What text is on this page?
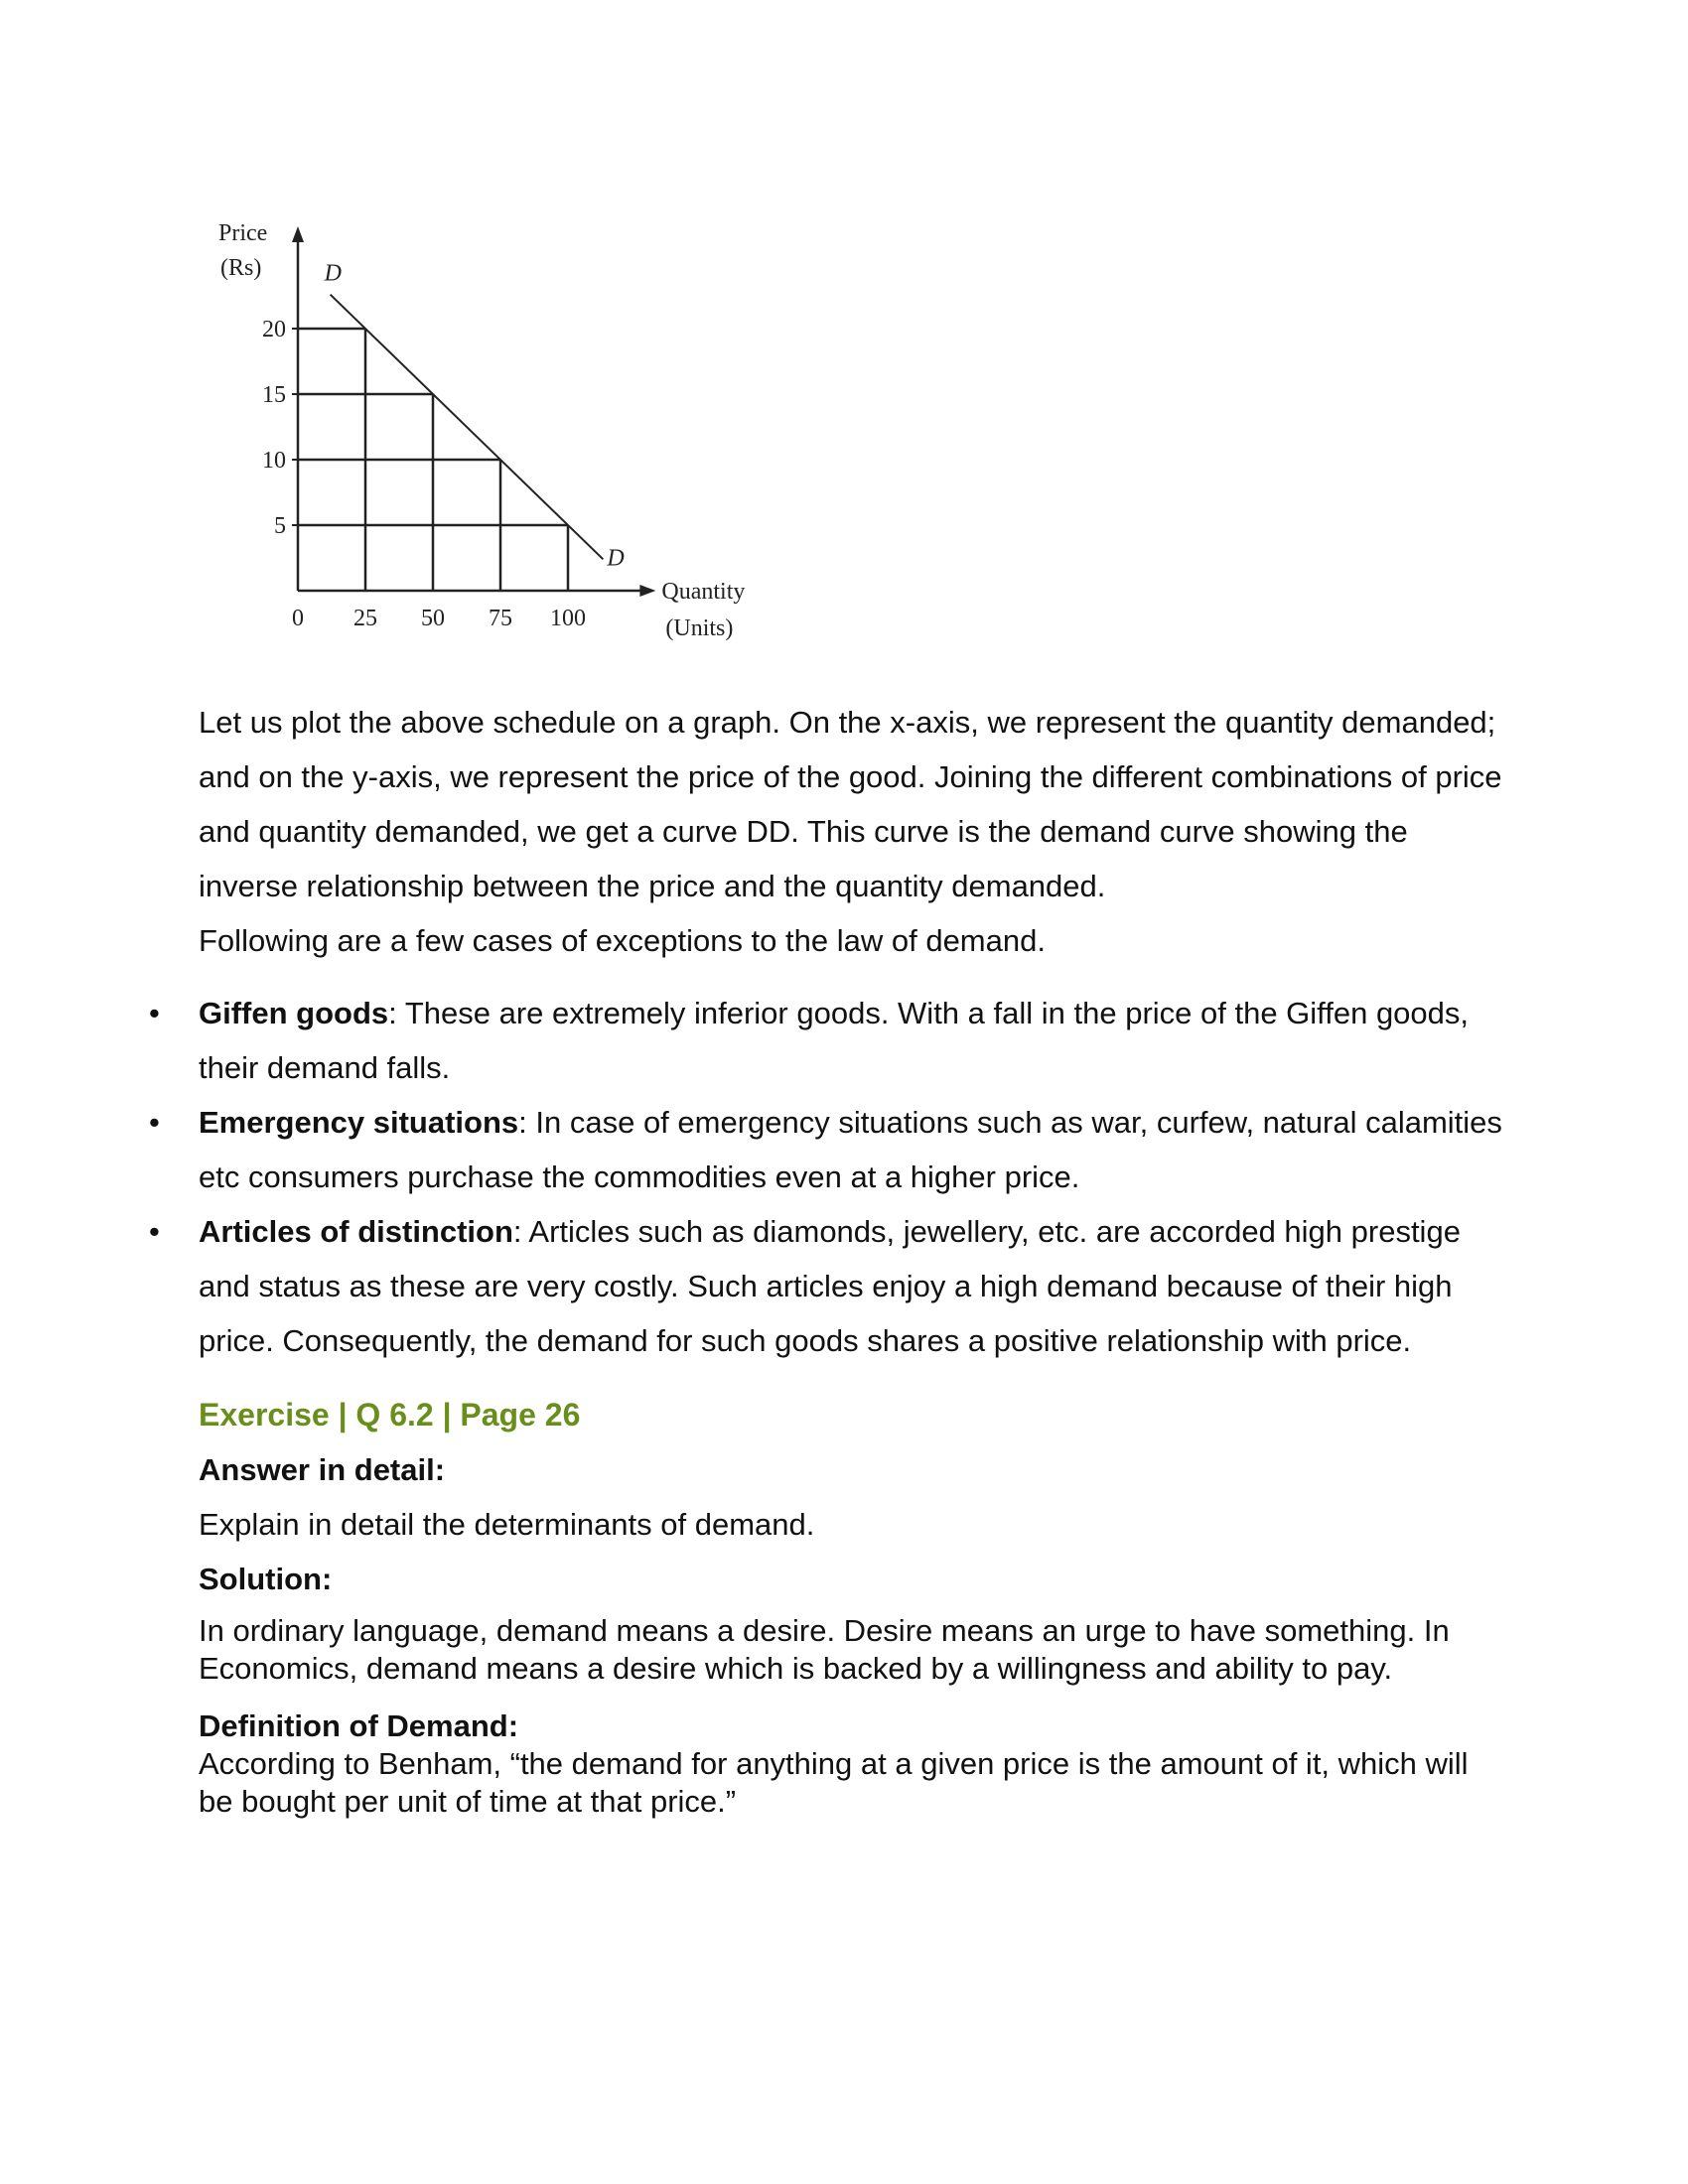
Price
(Rs)
Quantity
(Units)
0 25 50 75 100
5
10
15
20
D
D

Let us plot the above schedule on a graph. On the x-axis, we represent the quantity demanded; and on the y-axis, we represent the price of the good. Joining the different combinations of price and quantity demanded, we get a curve DD. This curve is the demand curve showing the inverse relationship between the price and the quantity demanded.

Following are a few cases of exceptions to the law of demand.

• Giffen goods: These are extremely inferior goods. With a fall in the price of the Giffen goods, their demand falls.
• Emergency situations: In case of emergency situations such as war, curfew, natural calamities etc consumers purchase the commodities even at a higher price.
• Articles of distinction: Articles such as diamonds, jewellery, etc. are accorded high prestige and status as these are very costly. Such articles enjoy a high demand because of their high price. Consequently, the demand for such goods shares a positive relationship with price.

Exercise | Q 6.2 | Page 26

Answer in detail:

Explain in detail the determinants of demand.

Solution:

In ordinary language, demand means a desire. Desire means an urge to have something. In Economics, demand means a desire which is backed by a willingness and ability to pay.

Definition of Demand:

According to Benham, “the demand for anything at a given price is the amount of it, which will be bought per unit of time at that price.”
